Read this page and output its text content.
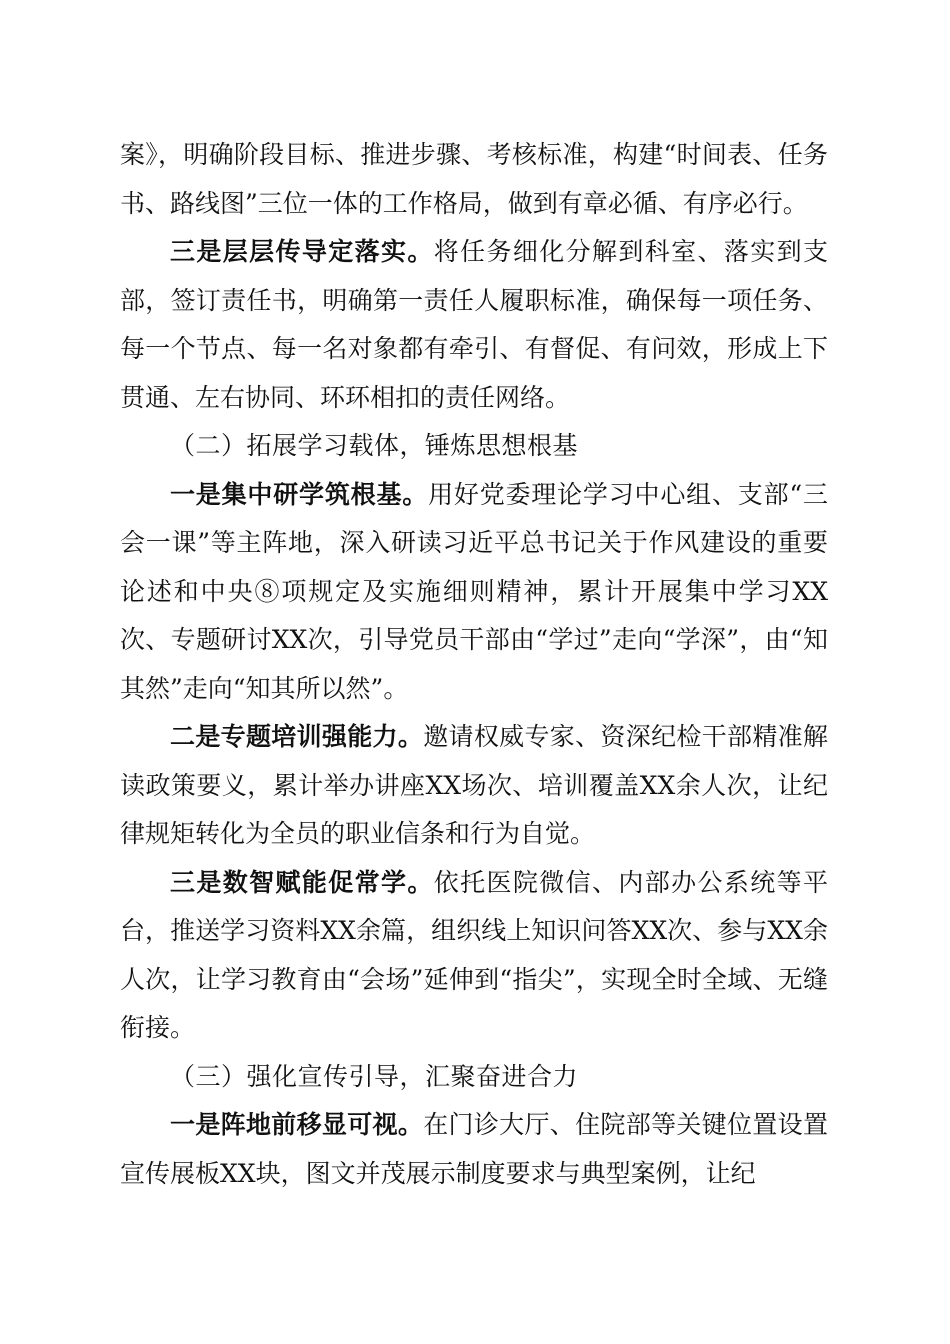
案》，明确阶段目标、推进步骤、考核标准，构建“时间表、任务书、路线图”三位一体的工作格局，做到有章必循、有序必行。

三是层层传导定落实。将任务细化分解到科室、落实到支部，签订责任书，明确第一责任人履职标准，确保每一项任务、每一个节点、每一名对象都有牵引、有督促、有问效，形成上下贯通、左右协同、环环相扣的责任网络。

（二）拓展学习载体，锤炼思想根基

一是集中研学筑根基。用好党委理论学习中心组、支部“三会一课”等主阵地，深入研读习近平总书记关于作风建设的重要论述和中央⑧项规定及实施细则精神，累计开展集中学习XX次、专题研讨XX次，引导党员干部由“学过”走向“学深”，由“知其然”走向“知其所以然”。

二是专题培训强能力。邀请权威专家、资深纪检干部精准解读政策要义，累计举办讲座XX场次、培训覆盖XX余人次，让纪律规矩转化为全员的职业信条和行为自觉。

三是数智赋能促常学。依托医院微信、内部办公系统等平台，推送学习资料XX余篇，组织线上知识问答XX次、参与XX余人次，让学习教育由“会场”延伸到“指尖”，实现全时全域、无缝衔接。

（三）强化宣传引导，汇聚奋进合力

一是阵地前移显可视。在门诊大厅、住院部等关键位置设置宣传展板XX块，图文并茂展示制度要求与典型案例，让纪
